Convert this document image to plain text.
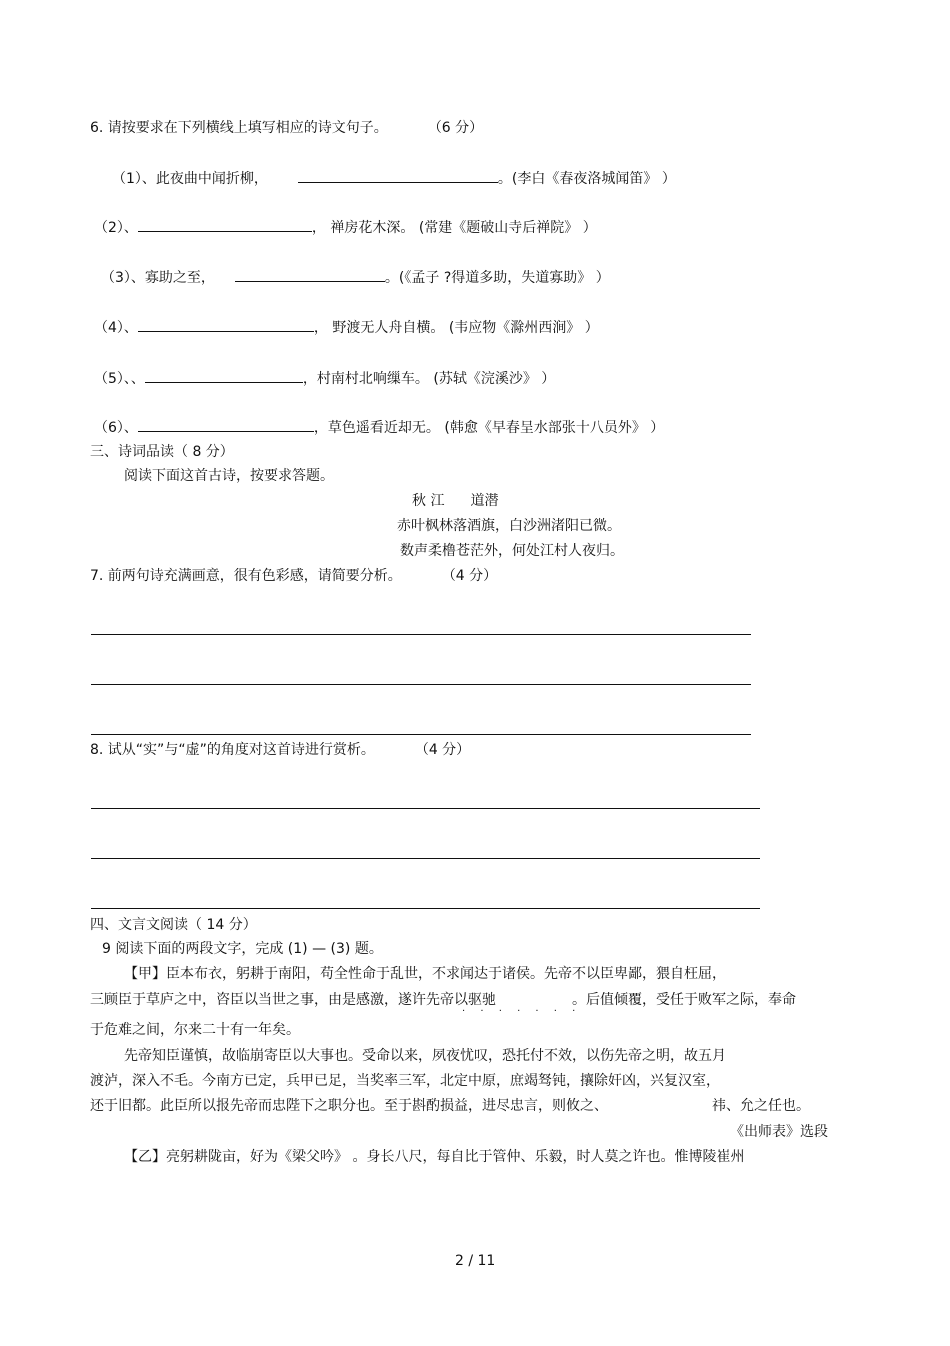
6. 请按要求在下列横线上填写相应的诗文句子。	（6 分）
（1）、此夜曲中闻折柳，	。(李白《春夜洛城闻笛》 ）
（2）、	， 禅房花木深。 (常建《题破山寺后禅院》 ）
（3）、寡助之至，	。(《孟子 ?得道多助，失道寡助》 ）
（4）、	， 野渡无人舟自横。 (韦应物《滁州西涧》 ）
（5）、、	，村南村北响缫车。 (苏轼《浣溪沙》 ）
（6）、	，草色遥看近却无。 (韩愈《早春呈水部张十八员外》 ）
三、诗词品读（ 8 分）
阅读下面这首古诗，按要求答题。
秋 江 道潜
赤叶枫林落酒旗，白沙洲渚阳已微。
数声柔橹苍茫外，何处江村人夜归。
7. 前两句诗充满画意，很有色彩感，请简要分析。	（4 分）
8. 试从“实”与“虚”的角度对这首诗进行赏析。	（4 分）
四、文言文阅读（ 14 分）
9 阅读下面的两段文字，完成 (1) — (3) 题。
【甲】臣本布衣，躬耕于南阳，苟全性命于乱世，不求闻达于诸侯。先帝不以臣卑鄙，猥自枉屈，
三顾臣于草庐之中，咨臣以当世之事，由是感激，遂许先帝以驱驰
· · · · · · ·
。后值倾覆，受任于败军之际，奉命
于危难之间，尔来二十有一年矣。
先帝知臣谨慎，故临崩寄臣以大事也。受命以来，夙夜忧叹，恐托付不效，以伤先帝之明，故五月
渡泸，深入不毛。今南方已定，兵甲已足，当奖率三军，北定中原，庶竭驽钝，攘除奸凶，兴复汉室，
还于旧都。此臣所以报先帝而忠陛下之职分也。至于斟酌损益，进尽忠言，则攸之、	祎、允之任也。
《出师表》选段
【乙】亮躬耕陇亩，好为《梁父吟》 。身长八尺，每自比于管仲、乐毅，时人莫之许也。惟博陵崔州
2 / 11
